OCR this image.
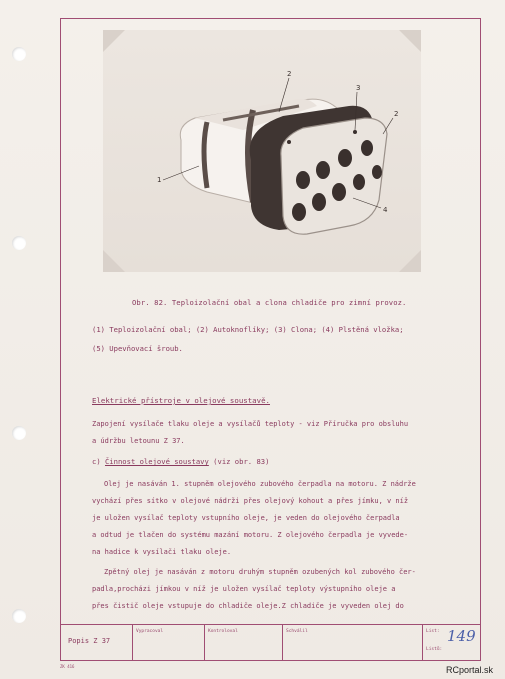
1
2
3
2
4
Obr. 82. Teploizolační obal a clona chladiče pro zimní provoz.
(1) Teploizolační obal; (2) Autoknoflíky; (3) Clona; (4) Plstěná vložka;
(5) Upevňovací šroub.
Elektrické přístroje v olejové soustavě.
Zapojení vysílače tlaku oleje a vysílačů teploty - viz Příručka pro obsluhu
a údržbu letounu Z 37.
c) Činnost olejové soustavy (viz obr. 83)
Olej je nasáván 1. stupněm olejového zubového čerpadla na motoru. Z nádrže
vychází přes sítko v olejové nádrži přes olejový kohout a přes jímku, v níž
je uložen vysílač teploty vstupního oleje, je veden do olejového čerpadla
a odtud je tlačen do systému mazání motoru. Z olejového čerpadla je vyvede-
na hadice k vysílači tlaku oleje.
Zpětný olej je nasáván z motoru druhým stupněm ozubených kol zubového čer-
padla,procházi jímkou v níž je uložen vysílač teploty výstupního oleje a
přes čistič oleje vstupuje do chladiče oleje.Z chladiče je vyveden olej do
Popis Z 37
Vypracoval	Kontroloval	Schválil	List:
Listů:
149
ZK 416	RCportal.sk
